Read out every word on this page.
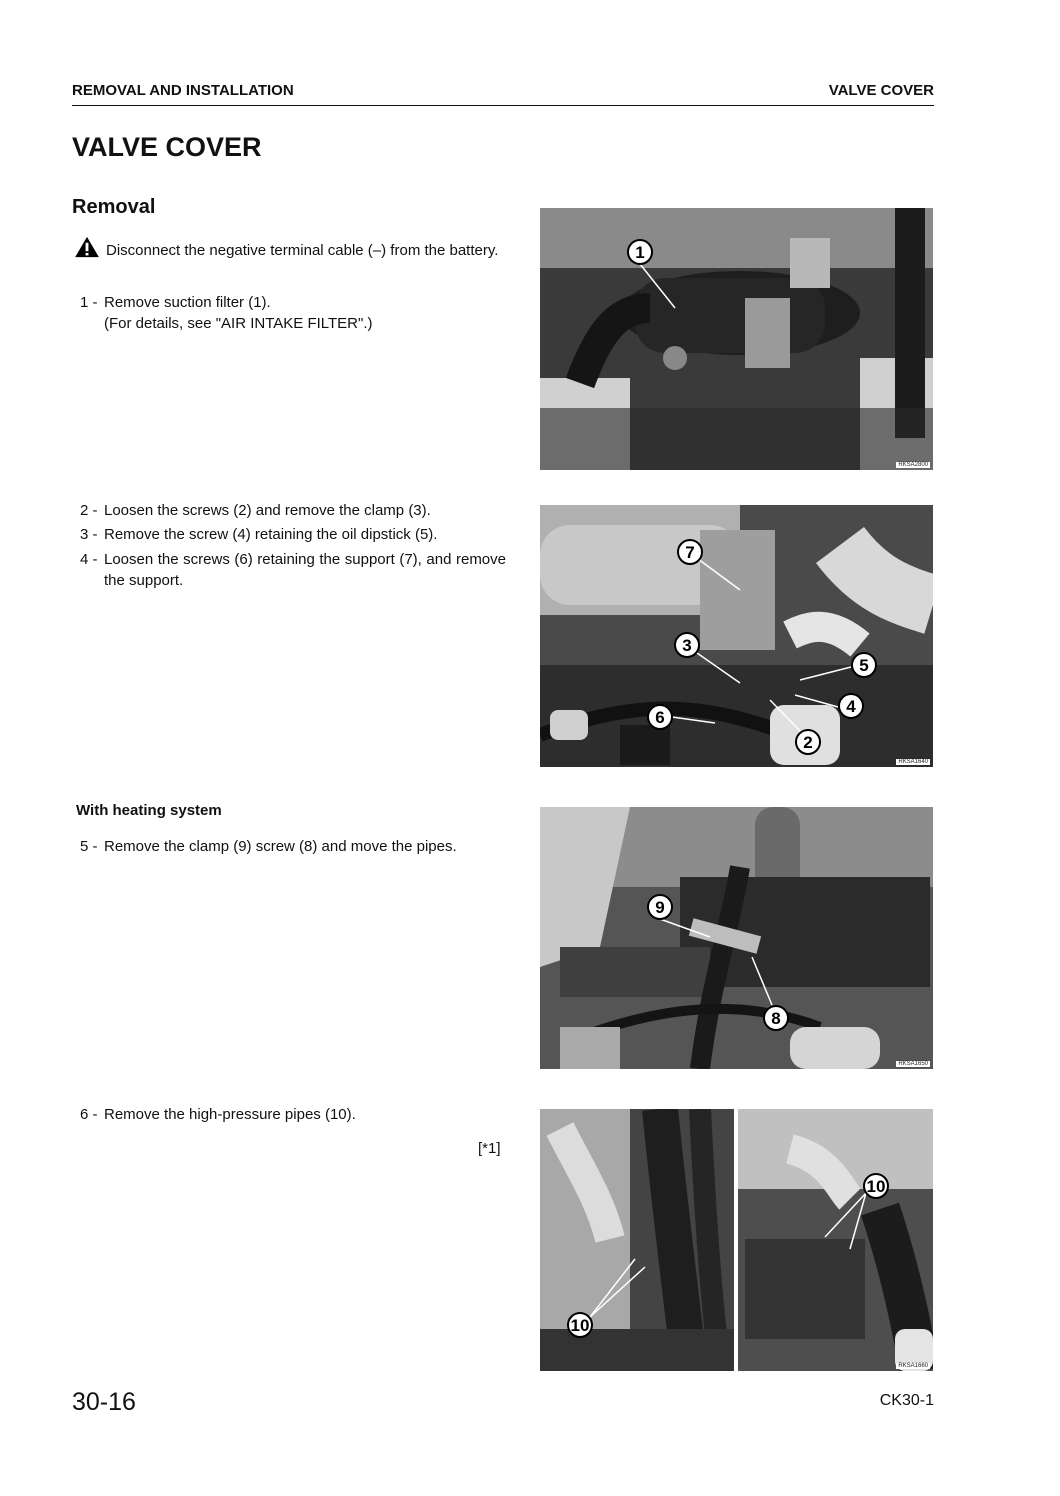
REMOVAL AND INSTALLATION	VALVE COVER
VALVE COVER
Removal
Disconnect the negative terminal cable (–) from the battery.
1 - Remove suction filter (1).
(For details, see "AIR INTAKE FILTER".)
2 - Loosen the screws (2) and remove the clamp (3).
3 - Remove the screw (4) retaining the oil dipstick (5).
4 - Loosen the screws (6) retaining the support (7), and remove the support.
With heating system
5 - Remove the clamp (9) screw (8) and move the pipes.
6 - Remove the high-pressure pipes (10).
[*1]
1
RKSA2800
7
3
5
4
6
2
RKSA1640
9
8
RKSA1650
10
10
RKSA1660
30-16	CK30-1
